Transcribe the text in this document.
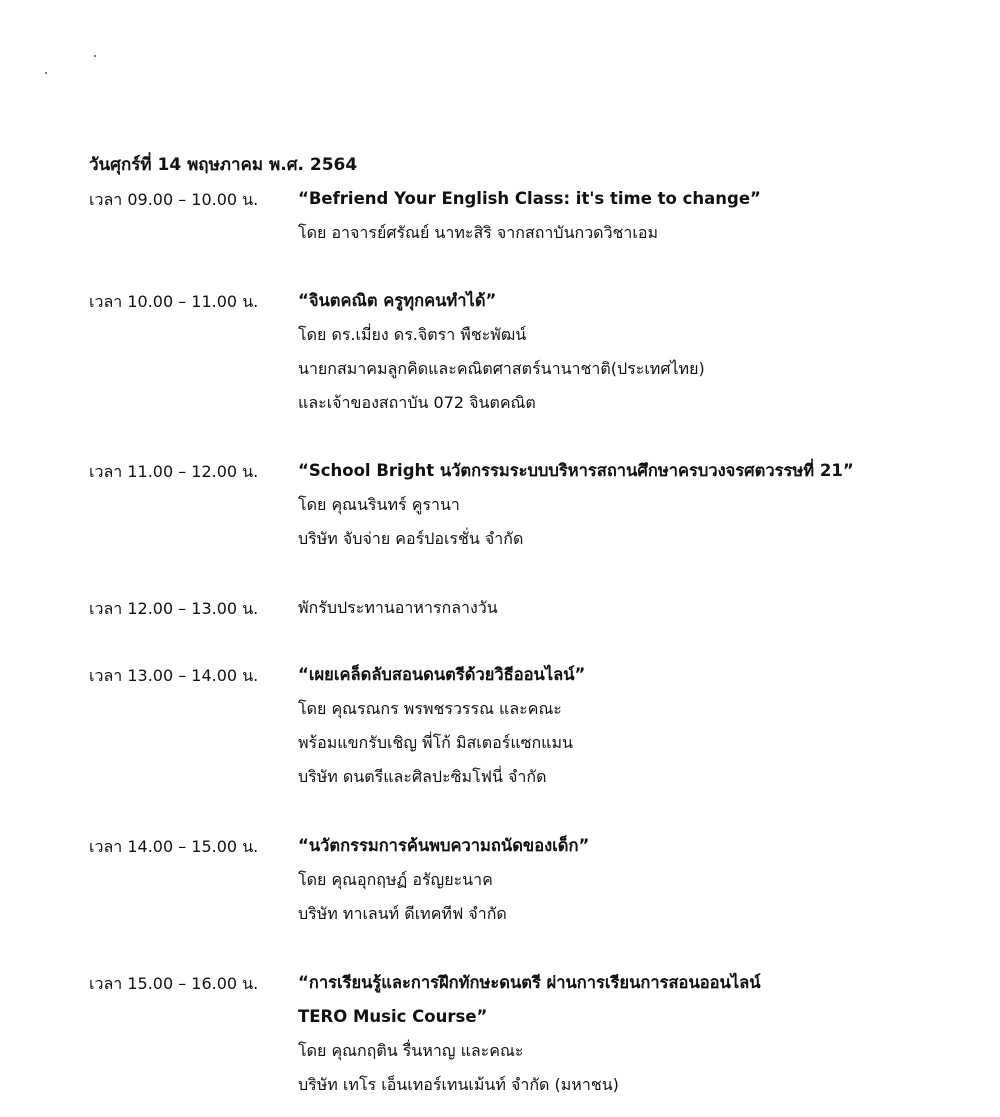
วันศุกร์ที่ 14 พฤษภาคม พ.ศ. 2564
เวลา 09.00 – 10.00 น. “Befriend Your English Class: it's time to change”
โดย อาจารย์ศรัณย์ นาทะสิริ จากสถาบันกวดวิชาเอม
เวลา 10.00 – 11.00 น. “จินตคณิต ครูทุกคนทำได้”
โดย ดร.เมี่ยง ดร.จิตรา พืชะพัฒน์
นายกสมาคมลูกคิดและคณิตศาสตร์นานาชาติ(ประเทศไทย)
และเจ้าของสถาบัน 072 จินตคณิต
เวลา 11.00 – 12.00 น. “School Bright นวัตกรรมระบบบริหารสถานศึกษาครบวงจรศตวรรษที่ 21”
โดย คุณนรินทร์ คูรานา
บริษัท จับจ่าย คอร์ปอเรชั่น จำกัด
เวลา 12.00 – 13.00 น. พักรับประทานอาหารกลางวัน
เวลา 13.00 – 14.00 น. “เผยเคล็ดลับสอนดนตรีด้วยวิธีออนไลน์”
โดย คุณรณกร พรพชรวรรณ และคณะ
พร้อมแขกรับเชิญ พี่โก้ มิสเตอร์แซกแมน
บริษัท ดนตรีและศิลปะซิมโฟนี่ จำกัด
เวลา 14.00 – 15.00 น. “นวัตกรรมการค้นพบความถนัดของเด็ก”
โดย คุณอุกฤษฏ์ อรัญยะนาค
บริษัท ทาเลนท์ ดีเทคทีฟ จำกัด
เวลา 15.00 – 16.00 น. “การเรียนรู้และการฝึกทักษะดนตรี ผ่านการเรียนการสอนออนไลน์
TERO Music Course”
โดย คุณกฤติน รื่นหาญ และคณะ
บริษัท เทโร เอ็นเทอร์เทนเม้นท์ จำกัด (มหาชน)
